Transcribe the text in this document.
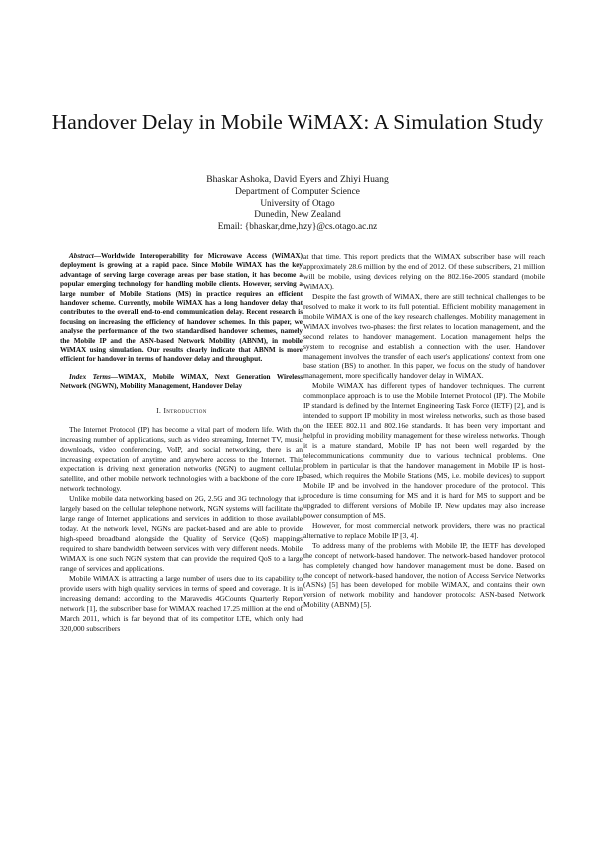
Handover Delay in Mobile WiMAX: A Simulation Study
Bhaskar Ashoka, David Eyers and Zhiyi Huang
Department of Computer Science
University of Otago
Dunedin, New Zealand
Email: {bhaskar,dme,hzy}@cs.otago.ac.nz

Abstract—Worldwide Interoperability for Microwave Access (WiMAX) deployment is growing at a rapid pace. Since Mobile WiMAX has the key advantage of serving large coverage areas per base station, it has become a popular emerging technology for handling mobile clients. However, serving a large number of Mobile Stations (MS) in practice requires an efficient handover scheme. Currently, mobile WiMAX has a long handover delay that contributes to the overall end-to-end communication delay. Recent research is focusing on increasing the efficiency of handover schemes. In this paper, we analyse the performance of the two standardised handover schemes, namely the Mobile IP and the ASN-based Network Mobility (ABNM), in mobile WiMAX using simulation. Our results clearly indicate that ABNM is more efficient for handover in terms of handover delay and throughput.

Index Terms—WiMAX, Mobile WiMAX, Next Generation Wireless Network (NGWN), Mobility Management, Handover Delay

I. Introduction

The Internet Protocol (IP) has become a vital part of modern life. With the increasing number of applications, such as video streaming, Internet TV, music downloads, video conferencing, VoIP, and social networking, there is an increasing expectation of anytime and anywhere access to the Internet. This expectation is driving next generation networks (NGN) to augment cellular, satellite, and other mobile network technologies with a backbone of the core IP network technology.

Unlike mobile data networking based on 2G, 2.5G and 3G technology that is largely based on the cellular telephone network, NGN systems will facilitate the large range of Internet applications and services in addition to those available today. At the network level, NGNs are packet-based and are able to provide high-speed broadband alongside the Quality of Service (QoS) mappings required to share bandwidth between services with very different needs. Mobile WiMAX is one such NGN system that can provide the required QoS to a large range of services and applications.

Mobile WiMAX is attracting a large number of users due to its capability to provide users with high quality services in terms of speed and coverage. It is in increasing demand: according to the Maravedis 4GCounts Quarterly Report network [1], the subscriber base for WiMAX reached 17.25 million at the end of March 2011, which is far beyond that of its competitor LTE, which only had 320,000 subscribers

at that time. This report predicts that the WiMAX subscriber base will reach approximately 28.6 million by the end of 2012. Of these subscribers, 21 million will be mobile, using devices relying on the 802.16e-2005 standard (mobile WiMAX).

Despite the fast growth of WiMAX, there are still technical challenges to be resolved to make it work to its full potential. Efficient mobility management in mobile WiMAX is one of the key research challenges. Mobility management in WiMAX involves two-phases: the first relates to location management, and the second relates to handover management. Location management helps the system to recognise and establish a connection with the user. Handover management involves the transfer of each user's applications' context from one base station (BS) to another. In this paper, we focus on the study of handover management, more specifically handover delay in WiMAX.

Mobile WiMAX has different types of handover techniques. The current commonplace approach is to use the Mobile Internet Protocol (IP). The Mobile IP standard is defined by the Internet Engineering Task Force (IETF) [2], and is intended to support IP mobility in most wireless networks, such as those based on the IEEE 802.11 and 802.16e standards. It has been very important and helpful in providing mobility management for these wireless networks. Though it is a mature standard, Mobile IP has not been well regarded by the telecommunications community due to various technical problems. One problem in particular is that the handover management in Mobile IP is host-based, which requires the Mobile Stations (MS, i.e. mobile devices) to support Mobile IP and be involved in the handover procedure of the protocol. This procedure is time consuming for MS and it is hard for MS to support and be upgraded to different versions of Mobile IP. New updates may also increase power consumption of MS.

However, for most commercial network providers, there was no practical alternative to replace Mobile IP [3, 4].

To address many of the problems with Mobile IP, the IETF has developed the concept of network-based handover. The network-based handover protocol has completely changed how handover management must be done. Based on the concept of network-based handover, the notion of Access Service Networks (ASNs) [5] has been developed for mobile WiMAX, and contains their own version of network mobility and handover protocols: ASN-based Network Mobility (ABNM) [5].
